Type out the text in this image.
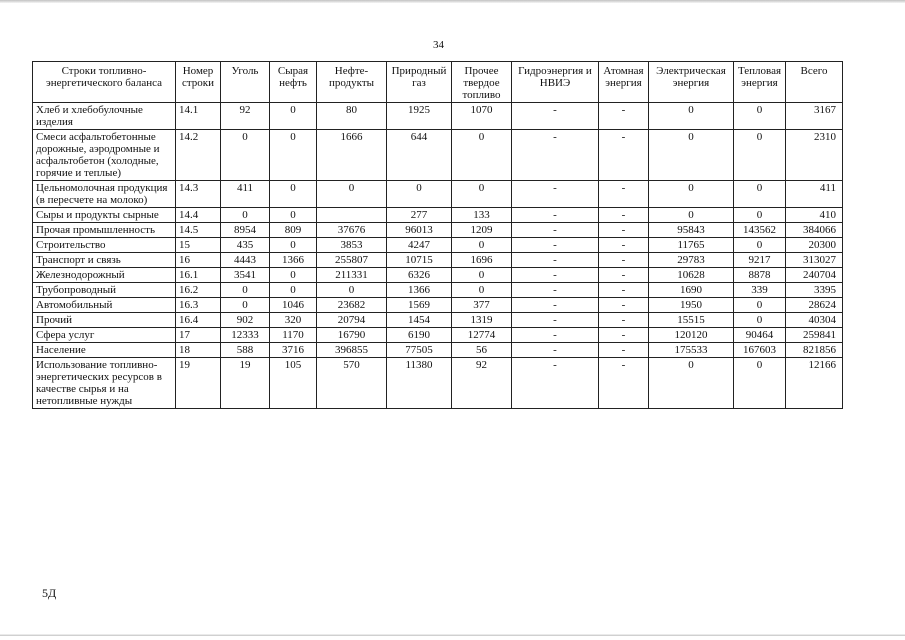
34
Строки топливно-энергетического баланса	Номер строки	Уголь	Сырая нефть	Нефте-продукты	Природный газ	Прочее твердое топливо	Гидроэнергия и НВИЭ	Атомная энергия	Электрическая энергия	Тепловая энергия	Всего
Хлеб и хлебобулочные изделия	14.1	92	0	80	1925	1070	-	-	0	0	3167
Смеси асфальтобетонные дорожные, аэродромные и асфальтобетон (холодные, горячие и теплые)	14.2	0	0	1666	644	0	-	-	0	0	2310
Цельномолочная продукция (в пересчете на молоко)	14.3	411	0	0	0	0	-	-	0	0	411
Сыры и продукты сырные	14.4	0	0		277	133	-	-	0	0	410
Прочая промышленность	14.5	8954	809	37676	96013	1209	-	-	95843	143562	384066
Строительство	15	435	0	3853	4247	0	-	-	11765	0	20300
Транспорт и связь	16	4443	1366	255807	10715	1696	-	-	29783	9217	313027
Железнодорожный	16.1	3541	0	211331	6326	0	-	-	10628	8878	240704
Трубопроводный	16.2	0	0	0	1366	0	-	-	1690	339	3395
Автомобильный	16.3	0	1046	23682	1569	377	-	-	1950	0	28624
Прочий	16.4	902	320	20794	1454	1319	-	-	15515	0	40304
Сфера услуг	17	12333	1170	16790	6190	12774	-	-	120120	90464	259841
Население	18	588	3716	396855	77505	56	-	-	175533	167603	821856
Использование топливно-энергетических ресурсов в качестве сырья и на нетопливные нужды	19	19	105	570	11380	92	-	-	0	0	12166
5Д
